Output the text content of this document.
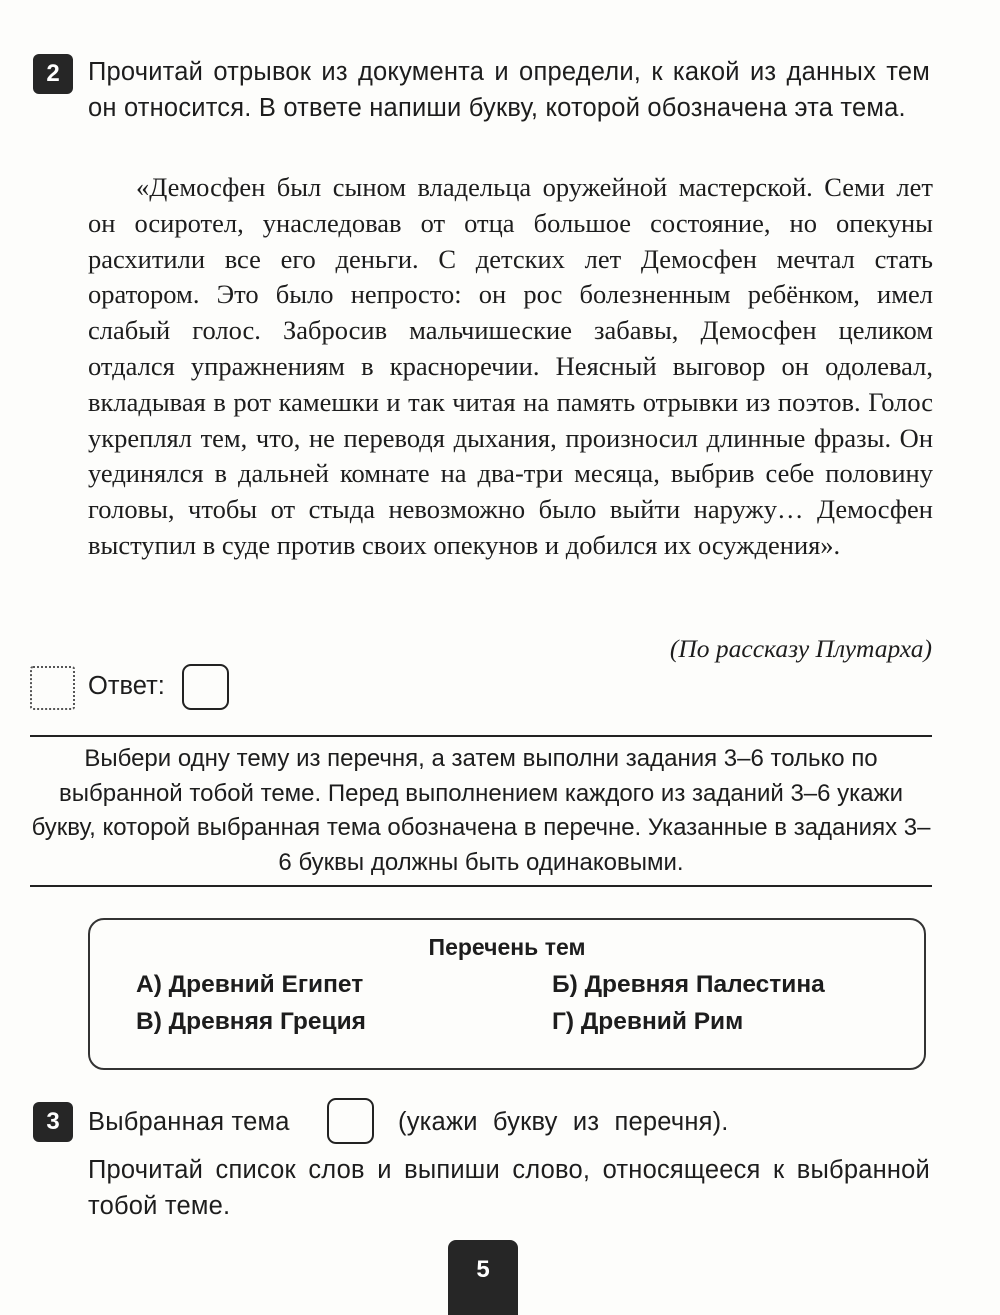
2	Прочитай отрывок из документа и определи, к какой из данных тем он относится. В ответе напиши букву, которой обозначена эта тема.

«Демосфен был сыном владельца оружейной мастерской. Семи лет он осиротел, унаследовав от отца большое состояние, но опекуны расхитили все его деньги. С детских лет Демосфен мечтал стать оратором. Это было непросто: он рос болезненным ребёнком, имел слабый голос. Забросив мальчишеские забавы, Демосфен целиком отдался упражнениям в красноречии. Неясный выговор он одолевал, вкладывая в рот камешки и так читая на память отрывки из поэтов. Голос укреплял тем, что, не переводя дыхания, произносил длинные фразы. Он уединялся в дальней комнате на два-три месяца, выбрив себе половину головы, чтобы от стыда невозможно было выйти наружу… Демосфен выступил в суде против своих опекунов и добился их осуждения».

(По рассказу Плутарха)
Ответ:
Выбери одну тему из перечня, а затем выполни задания 3–6 только по выбранной тобой теме. Перед выполнением каждого из заданий 3–6 укажи букву, которой выбранная тема обозначена в перечне. Указанные в заданиях 3–6 буквы должны быть одинаковыми.
Перечень тем
А) Древний Египет	Б) Древняя Палестина
В) Древняя Греция	Г) Древний Рим
3	Выбранная тема	(укажи букву из перечня).
Прочитай список слов и выпиши слово, относящееся к выбранной тобой теме.
5
